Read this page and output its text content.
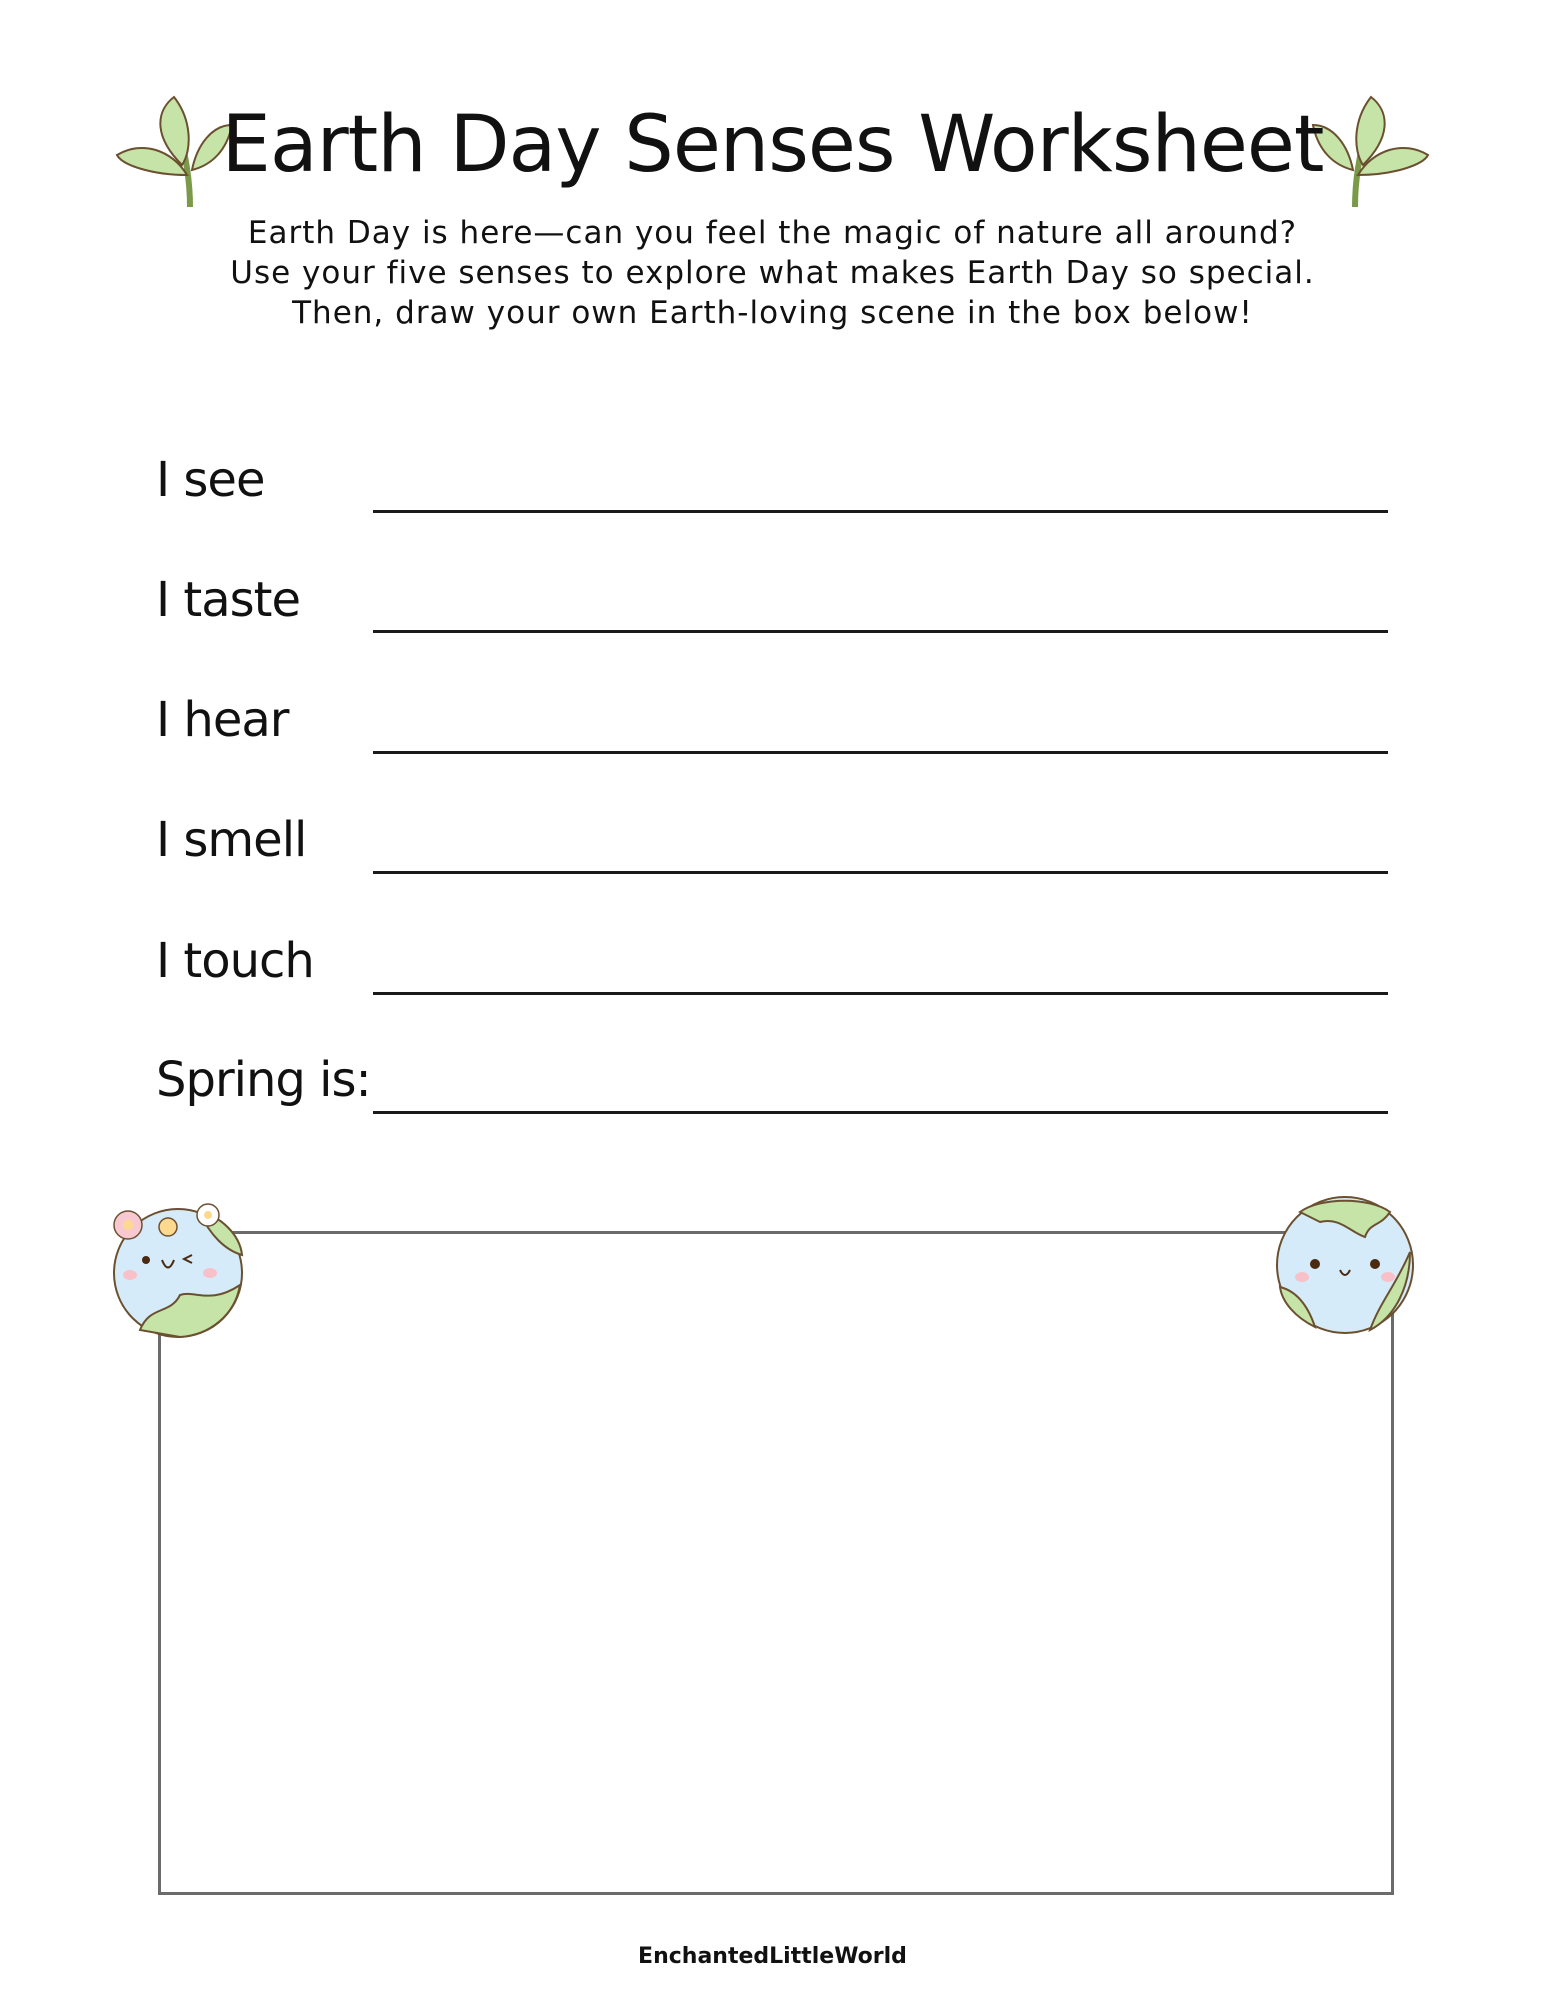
Earth Day Senses Worksheet
Earth Day is here—can you feel the magic of nature all around?
Use your five senses to explore what makes Earth Day so special.
Then, draw your own Earth-loving scene in the box below!
I see
I taste
I hear
I smell
I touch
Spring is:
EnchantedLittleWorld
